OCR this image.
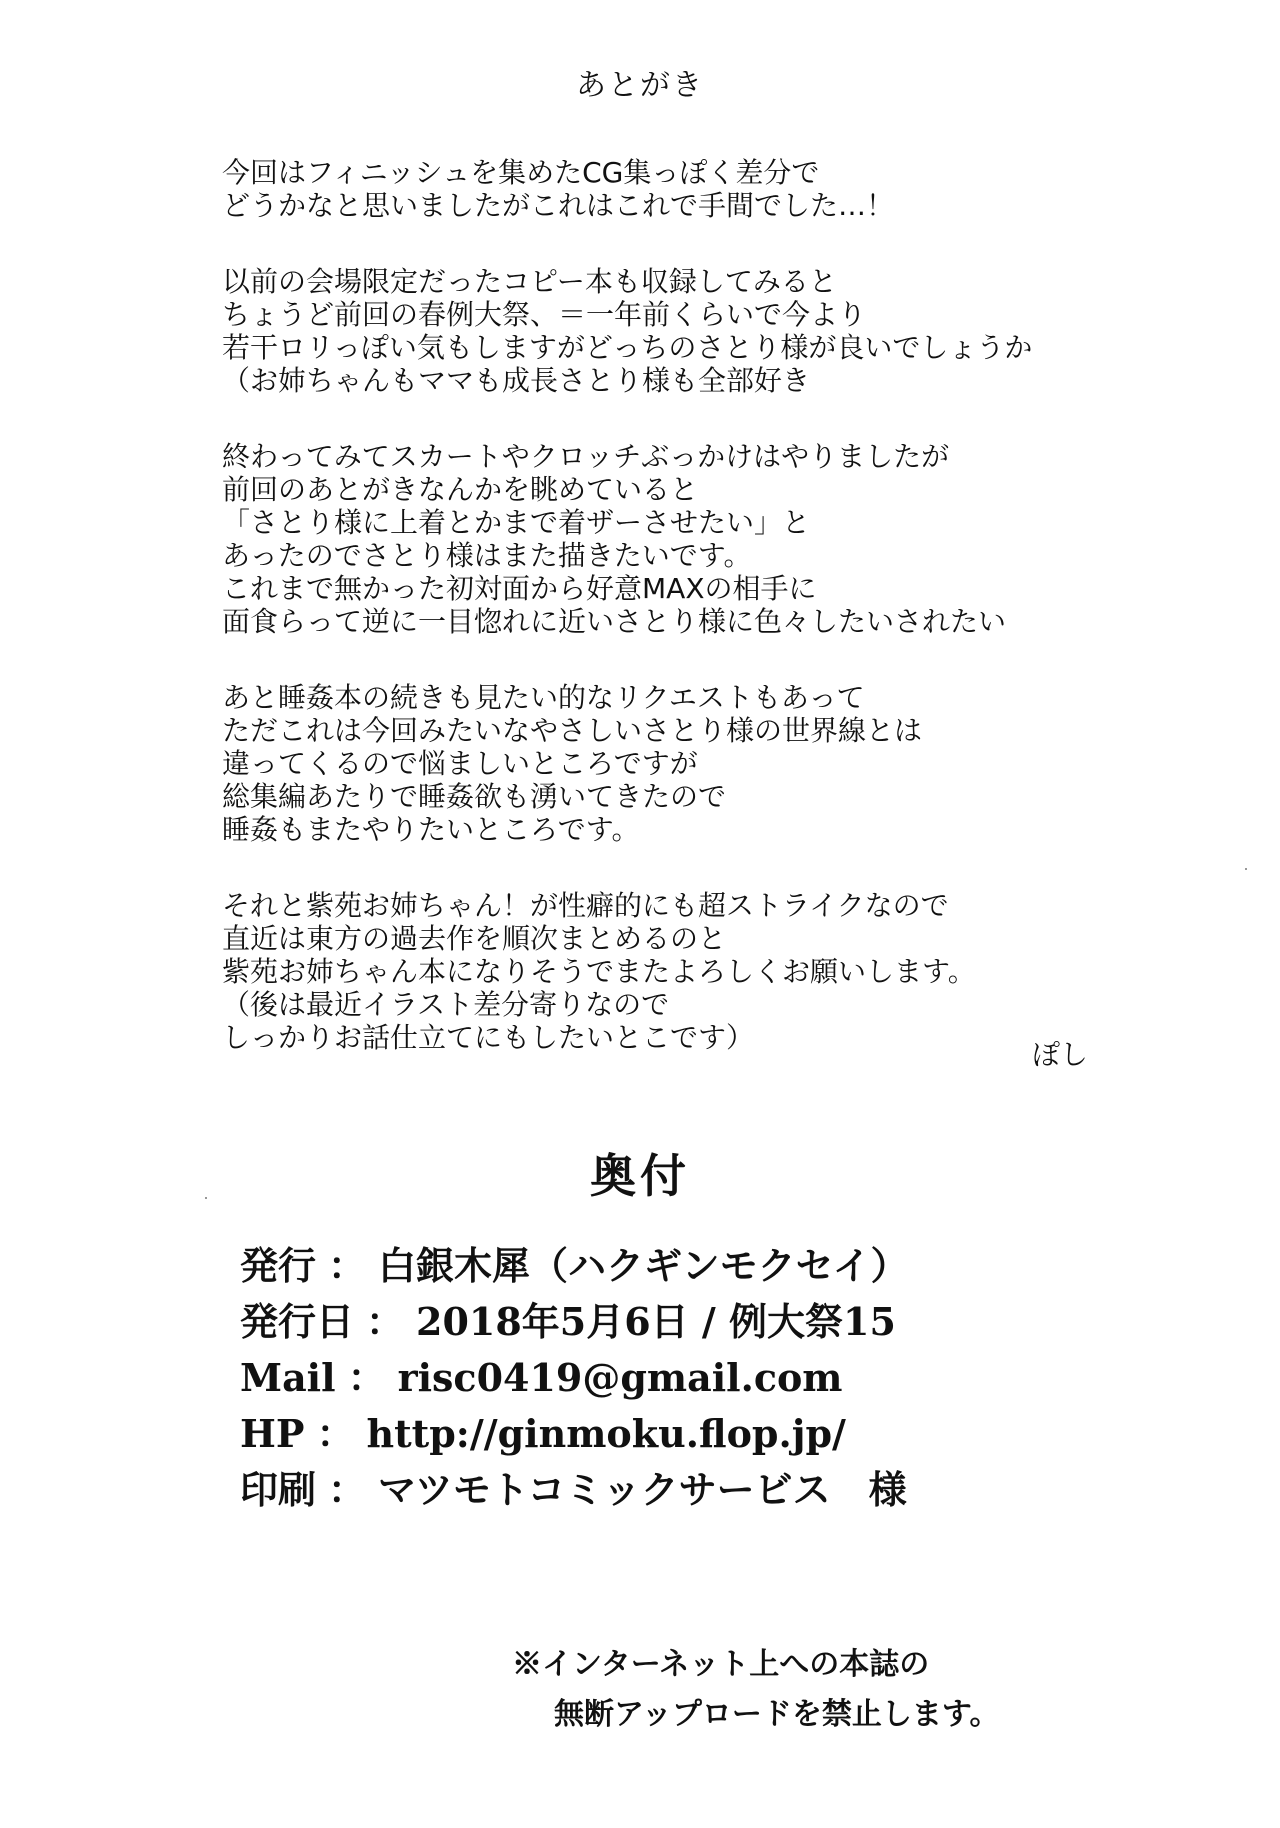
あとがき
今回はフィニッシュを集めたCG集っぽく差分で
どうかなと思いましたがこれはこれで手間でした…！
以前の会場限定だったコピー本も収録してみると
ちょうど前回の春例大祭、＝一年前くらいで今より
若干ロリっぽい気もしますがどっちのさとり様が良いでしょうか
（お姉ちゃんもママも成長さとり様も全部好き
終わってみてスカートやクロッチぶっかけはやりましたが
前回のあとがきなんかを眺めていると
「さとり様に上着とかまで着ザーさせたい」と
あったのでさとり様はまた描きたいです。
これまで無かった初対面から好意MAXの相手に
面食らって逆に一目惚れに近いさとり様に色々したいされたい
あと睡姦本の続きも見たい的なリクエストもあって
ただこれは今回みたいなやさしいさとり様の世界線とは
違ってくるので悩ましいところですが
総集編あたりで睡姦欲も湧いてきたので
睡姦もまたやりたいところです。
それと紫苑お姉ちゃん！が性癖的にも超ストライクなので
直近は東方の過去作を順次まとめるのと
紫苑お姉ちゃん本になりそうでまたよろしくお願いします。
（後は最近イラスト差分寄りなので
しっかりお話仕立てにもしたいとこです）
ぽし
奥付
発行 ： 白銀木犀（ハクギンモクセイ）
発行日 ： 2018年5月6日 / 例大祭15
Mail ： risc0419@gmail.com
HP ： http://ginmoku.flop.jp/
印刷 ： マツモトコミックサービス　様
※インターネット上への本誌の
無断アップロードを禁止します。
